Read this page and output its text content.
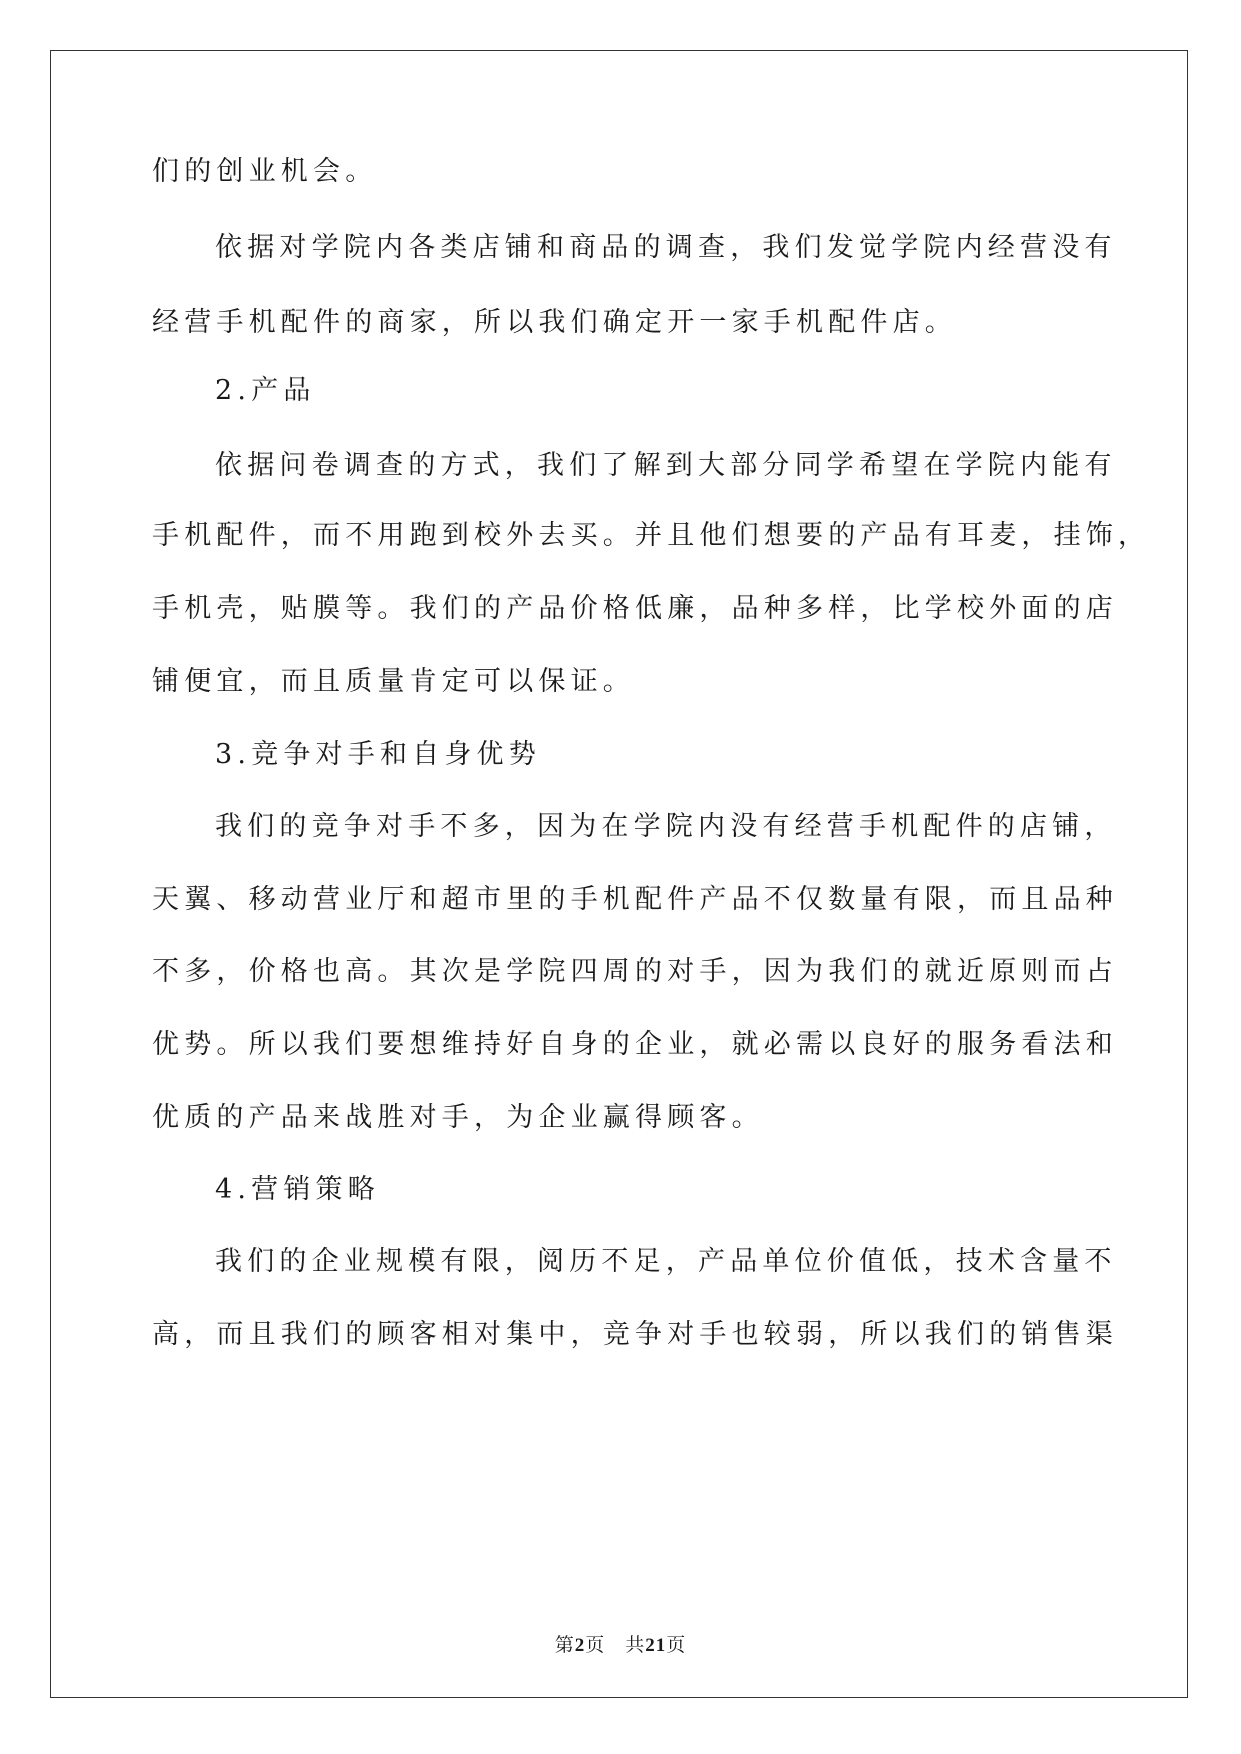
们的创业机会。
依据对学院内各类店铺和商品的调查，我们发觉学院内经营没有
经营手机配件的商家，所以我们确定开一家手机配件店。
2.产品
依据问卷调查的方式，我们了解到大部分同学希望在学院内能有
手机配件，而不用跑到校外去买。并且他们想要的产品有耳麦，挂饰，
手机壳，贴膜等。我们的产品价格低廉，品种多样，比学校外面的店
铺便宜，而且质量肯定可以保证。
3.竞争对手和自身优势
我们的竞争对手不多，因为在学院内没有经营手机配件的店铺，
天翼、移动营业厅和超市里的手机配件产品不仅数量有限，而且品种
不多，价格也高。其次是学院四周的对手，因为我们的就近原则而占
优势。所以我们要想维持好自身的企业，就必需以良好的服务看法和
优质的产品来战胜对手，为企业赢得顾客。
4.营销策略
我们的企业规模有限，阅历不足，产品单位价值低，技术含量不
高，而且我们的顾客相对集中，竞争对手也较弱，所以我们的销售渠
第2页　共21页
